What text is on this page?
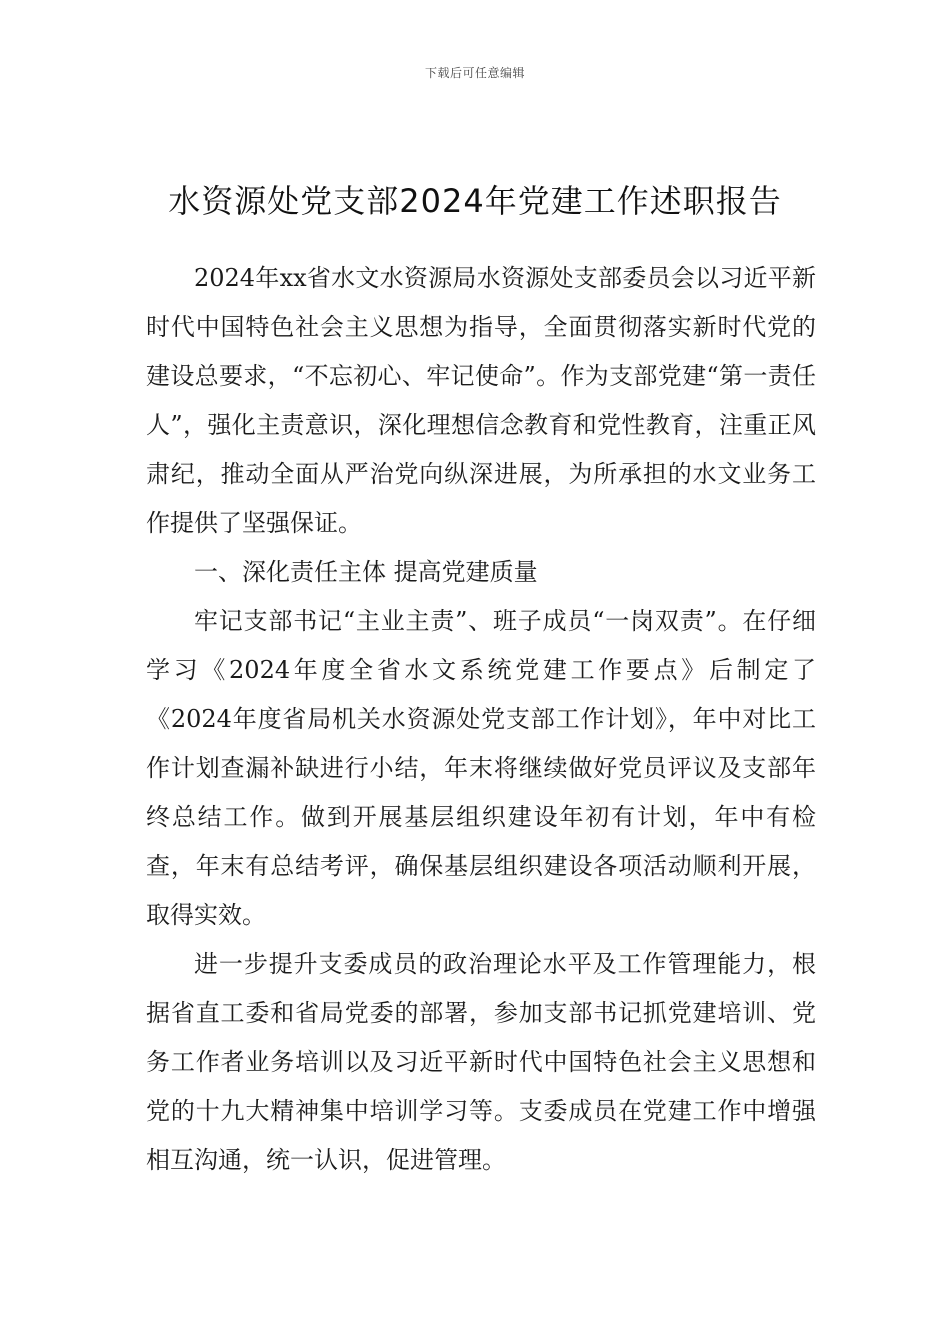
下载后可任意编辑
水资源处党支部2024年党建工作述职报告

2024年xx省水文水资源局水资源处支部委员会以习近平新时代中国特色社会主义思想为指导，全面贯彻落实新时代党的建设总要求，“不忘初心、牢记使命”。作为支部党建“第一责任人”，强化主责意识，深化理想信念教育和党性教育，注重正风肃纪，推动全面从严治党向纵深进展，为所承担的水文业务工作提供了坚强保证。

一、深化责任主体 提高党建质量

牢记支部书记“主业主责”、班子成员“一岗双责”。在仔细学习《2024年度全省水文系统党建工作要点》后制定了《2024年度省局机关水资源处党支部工作计划》，年中对比工作计划查漏补缺进行小结，年末将继续做好党员评议及支部年终总结工作。做到开展基层组织建设年初有计划，年中有检查，年末有总结考评，确保基层组织建设各项活动顺利开展，取得实效。

进一步提升支委成员的政治理论水平及工作管理能力，根据省直工委和省局党委的部署，参加支部书记抓党建培训、党务工作者业务培训以及习近平新时代中国特色社会主义思想和党的十九大精神集中培训学习等。支委成员在党建工作中增强相互沟通，统一认识，促进管理。
